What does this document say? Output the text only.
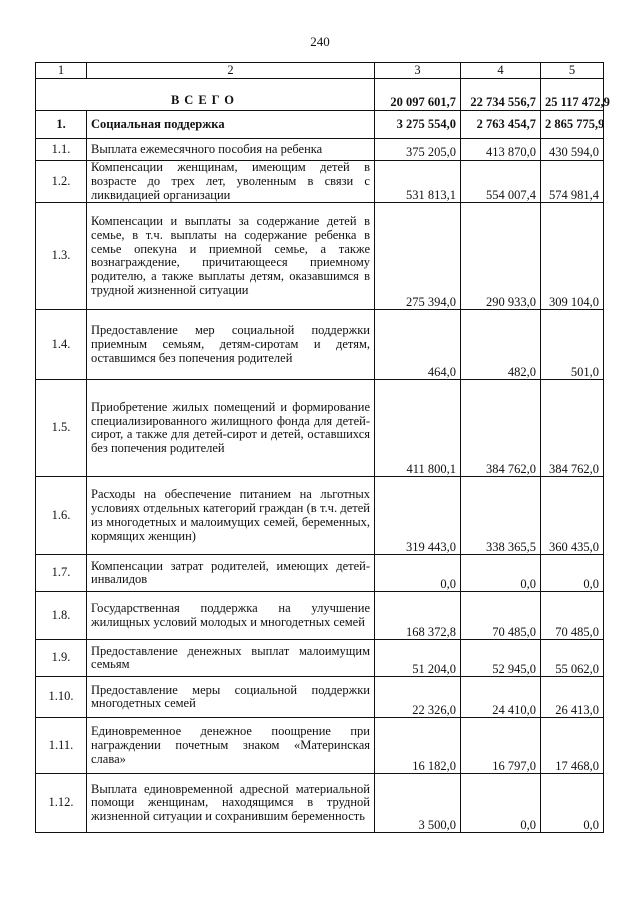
240
1	2	3	4	5
ВСЕГО		20 097 601,7	22 734 556,7	25 117 472,9
1.	Социальная поддержка	3 275 554,0	2 763 454,7	2 865 775,9
1.1.	Выплата ежемесячного пособия на ребенка	375 205,0	413 870,0	430 594,0
1.2.	Компенсации женщинам, имеющим детей в возрасте до трех лет, уволенным в связи с ликвидацией организации	531 813,1	554 007,4	574 981,4
1.3.	Компенсации и выплаты за содержание детей в семье, в т.ч. выплаты на содержание ребенка в семье опекуна и приемной семье, а также вознаграждение, причитающееся приемному родителю, а также выплаты детям, оказавшимся в трудной жизненной ситуации	275 394,0	290 933,0	309 104,0
1.4.	Предоставление мер социальной поддержки приемным семьям, детям-сиротам и детям, оставшимся без попечения родителей	464,0	482,0	501,0
1.5.	Приобретение жилых помещений и формирование специализированного жилищного фонда для детей-сирот, а также для детей-сирот и детей, оставшихся без попечения родителей	411 800,1	384 762,0	384 762,0
1.6.	Расходы на обеспечение питанием на льготных условиях отдельных категорий граждан (в т.ч. детей из многодетных и малоимущих семей, беременных, кормящих женщин)	319 443,0	338 365,5	360 435,0
1.7.	Компенсации затрат родителей, имеющих детей-инвалидов	0,0	0,0	0,0
1.8.	Государственная поддержка на улучшение жилищных условий молодых и многодетных семей	168 372,8	70 485,0	70 485,0
1.9.	Предоставление денежных выплат малоимущим семьям	51 204,0	52 945,0	55 062,0
1.10.	Предоставление меры социальной поддержки многодетных семей	22 326,0	24 410,0	26 413,0
1.11.	Единовременное денежное поощрение при награждении почетным знаком «Материнская слава»	16 182,0	16 797,0	17 468,0
1.12.	Выплата единовременной адресной материальной помощи женщинам, находящимся в трудной жизненной ситуации и сохранившим беременность	3 500,0	0,0	0,0
